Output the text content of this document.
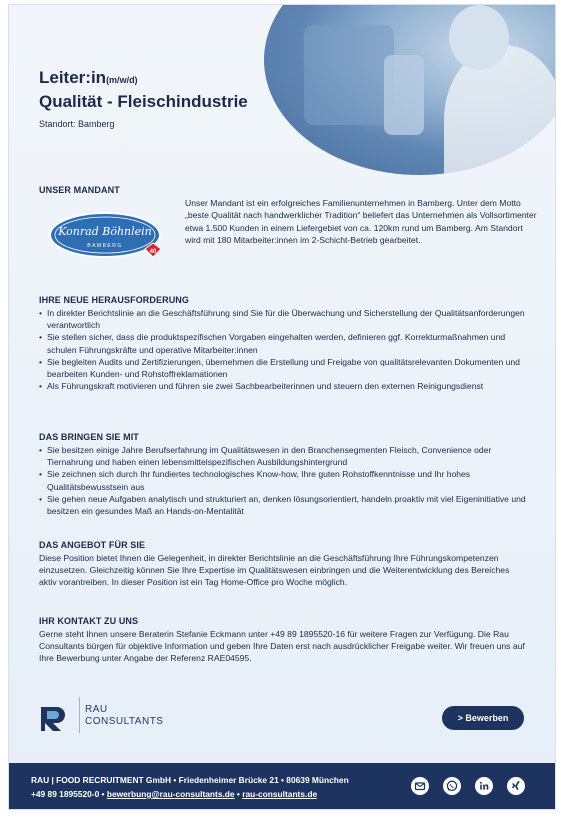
Leiter:in(m/w/d)
Qualität - Fleischindustrie
Standort: Bamberg
UNSER MANDANT
Konrad Böhnlein
BAMBERG
40
Unser Mandant ist ein erfolgreiches Familienunternehmen in Bamberg. Unter dem Motto „beste Qualität nach handwerklicher Tradition“ beliefert das Unternehmen als Vollsortimenter etwa 1.500 Kunden in einem Liefergebiet von ca. 120km rund um Bamberg. Am Standort wird mit 180 Mitarbeiter:innen im 2-Schicht-Betrieb gearbeitet.
IHRE NEUE HERAUSFORDERUNG
• In direkter Berichtslinie an die Geschäftsführung sind Sie für die Überwachung und Sicherstellung der Qualitätsanforderungen verantwortlich
• Sie stellen sicher, dass die produktspezifischen Vorgaben eingehalten werden, definieren ggf. Korrekturmaßnahmen und schulen Führungskräfte und operative Mitarbeiter:innen
• Sie begleiten Audits und Zertifizierungen, übernehmen die Erstellung und Freigabe von qualitätsrelevanten Dokumenten und bearbeiten Kunden- und Rohstoffreklamationen
• Als Führungskraft motivieren und führen sie zwei Sachbearbeiterinnen und steuern den externen Reinigungsdienst
DAS BRINGEN SIE MIT
• Sie besitzen einige Jahre Berufserfahrung im Qualitätswesen in den Branchensegmenten Fleisch, Convenience oder Tiernahrung und haben einen lebensmittelspezifischen Ausbildungshintergrund
• Sie zeichnen sich durch Ihr fundiertes technologisches Know-how, Ihre guten Rohstoffkenntnisse und Ihr hohes Qualitätsbewusstsein aus
• Sie gehen neue Aufgaben analytisch und strukturiert an, denken lösungsorientiert, handeln proaktiv mit viel Eigeninitiative und besitzen ein gesundes Maß an Hands-on-Mentalität
DAS ANGEBOT FÜR SIE
Diese Position bietet Ihnen die Gelegenheit, in direkter Berichtslinie an die Geschäftsführung Ihre Führungskompetenzen einzusetzen. Gleichzeitig können Sie Ihre Expertise im Qualitätswesen einbringen und die Weiterentwicklung des Bereiches aktiv vorantreiben. In dieser Position ist ein Tag Home-Office pro Woche möglich.
IHR KONTAKT ZU UNS
Gerne steht Ihnen unsere Beraterin Stefanie Eckmann unter +49 89 1895520-16 für weitere Fragen zur Verfügung. Die Rau Consultants bürgen für objektive Information und geben Ihre Daten erst nach ausdrücklicher Freigabe weiter. Wir freuen uns auf Ihre Bewerbung unter Angabe der Referenz RAE04595.
RAU
CONSULTANTS	> Bewerben
RAU | FOOD RECRUITMENT GmbH • Friedenheimer Brücke 21 • 80639 München
+49 89 1895520-0 • bewerbung@rau-consultants.de • rau-consultants.de
